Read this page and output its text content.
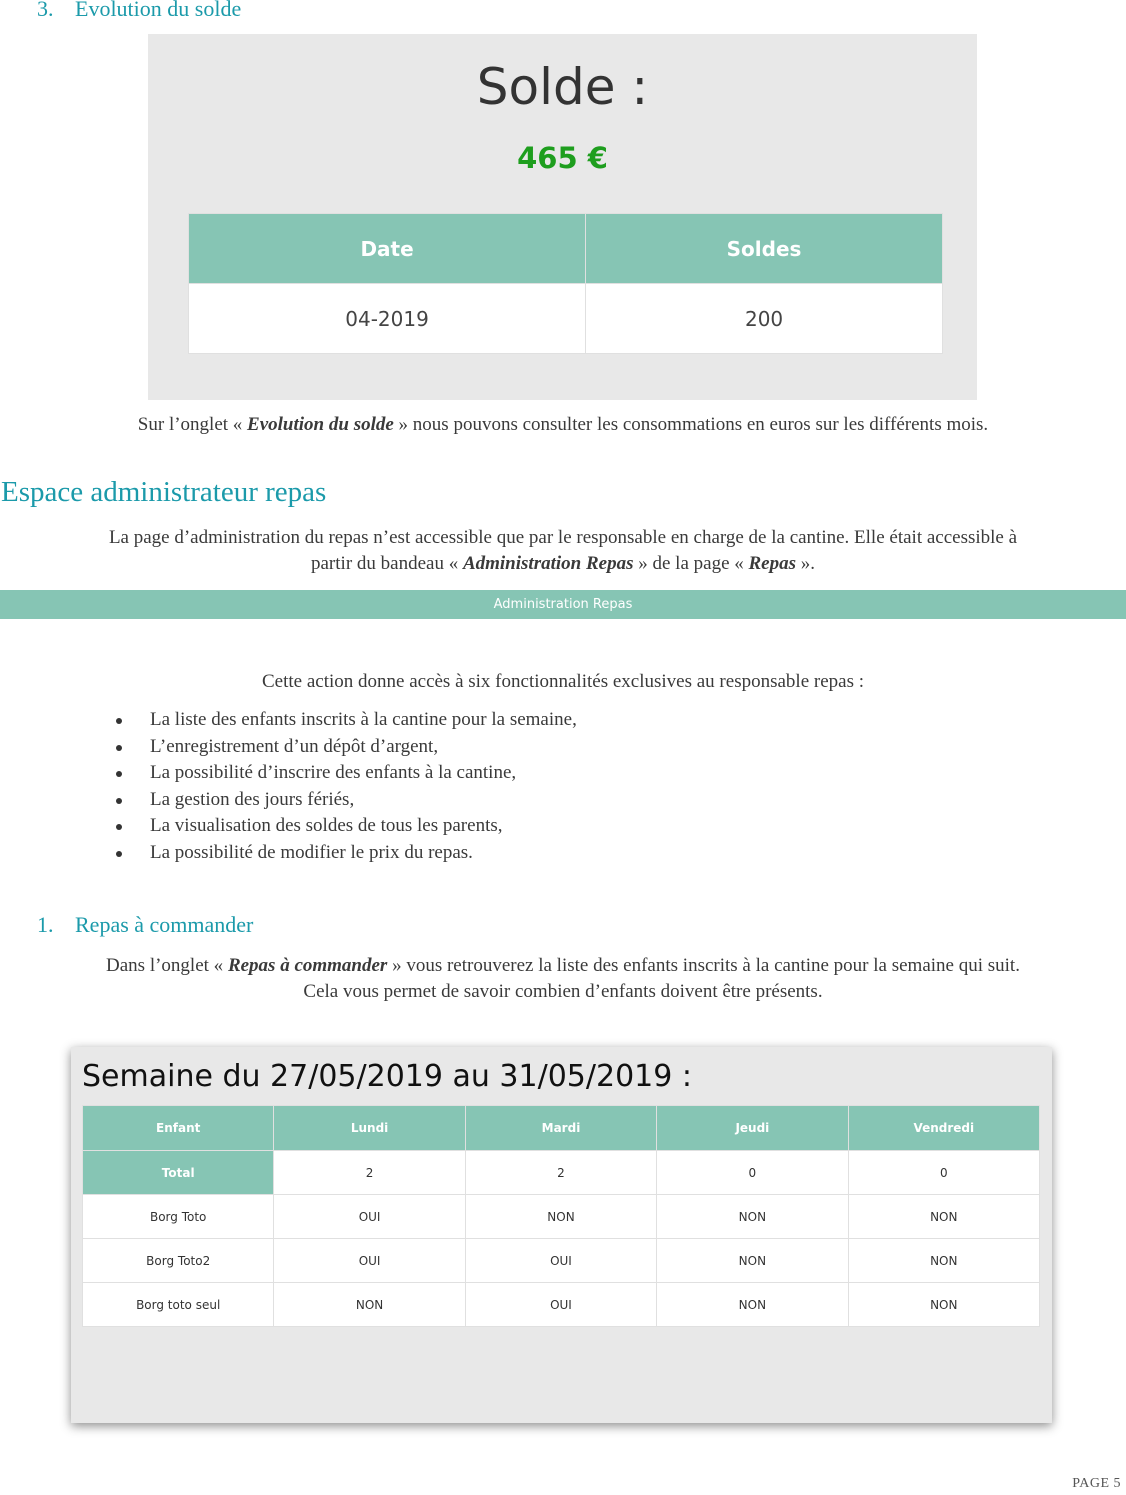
3. Evolution du solde
Solde :
465 €
Date	Soldes
04-2019	200
Sur l’onglet « Evolution du solde » nous pouvons consulter les consommations en euros sur les différents mois.
Espace administrateur repas
La page d’administration du repas n’est accessible que par le responsable en charge de la cantine. Elle était accessible à
partir du bandeau « Administration Repas » de la page « Repas ».
Administration Repas
Cette action donne accès à six fonctionnalités exclusives au responsable repas :
La liste des enfants inscrits à la cantine pour la semaine,
L’enregistrement d’un dépôt d’argent,
La possibilité d’inscrire des enfants à la cantine,
La gestion des jours fériés,
La visualisation des soldes de tous les parents,
La possibilité de modifier le prix du repas.
1. Repas à commander
Dans l’onglet « Repas à commander » vous retrouverez la liste des enfants inscrits à la cantine pour la semaine qui suit.
Cela vous permet de savoir combien d’enfants doivent être présents.
Semaine du 27/05/2019 au 31/05/2019 :
Enfant	Lundi	Mardi	Jeudi	Vendredi
Total	2	2	0	0
Borg Toto	OUI	NON	NON	NON
Borg Toto2	OUI	OUI	NON	NON
Borg toto seul	NON	OUI	NON	NON
PAGE 5
